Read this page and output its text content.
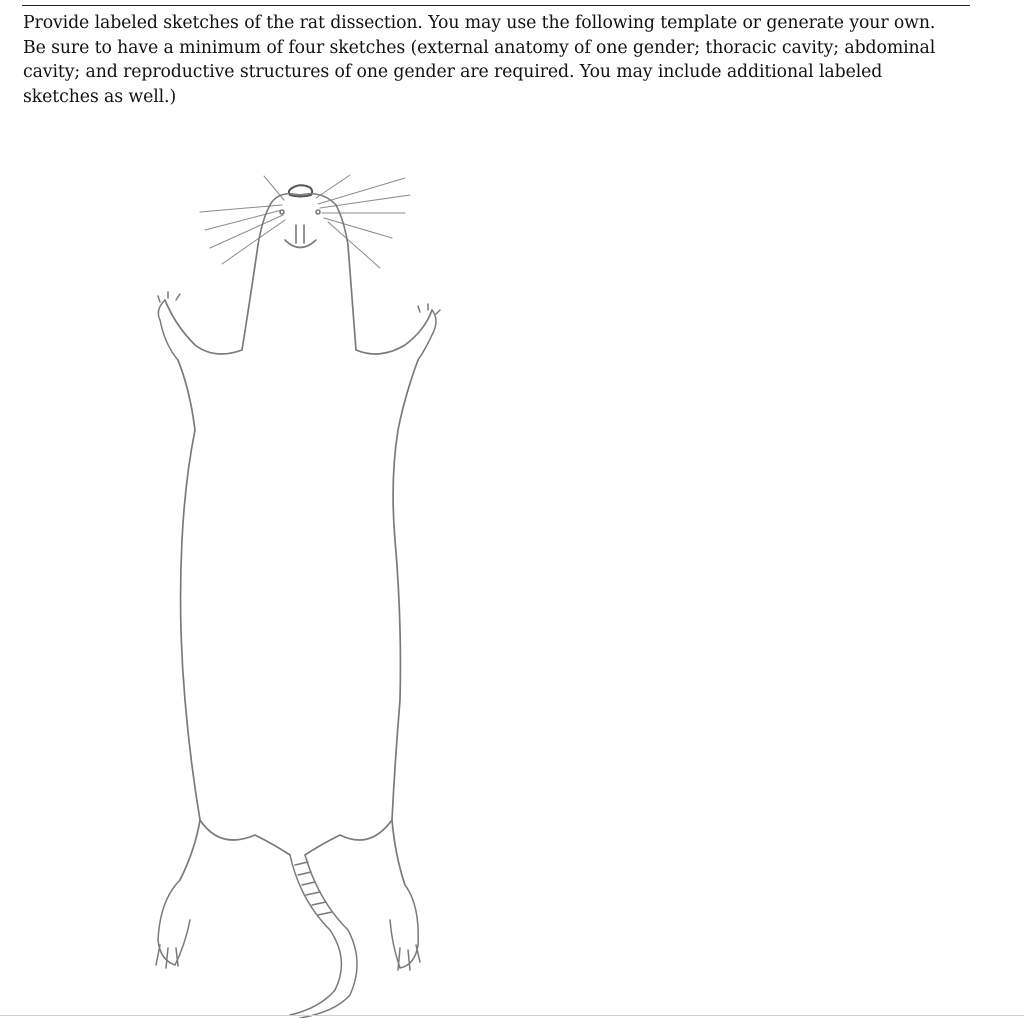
Provide labeled sketches of the rat dissection. You may use the following template or generate your own.
Be sure to have a minimum of four sketches (external anatomy of one gender; thoracic cavity; abdominal
cavity; and reproductive structures of one gender are required. You may include additional labeled
sketches as well.)
